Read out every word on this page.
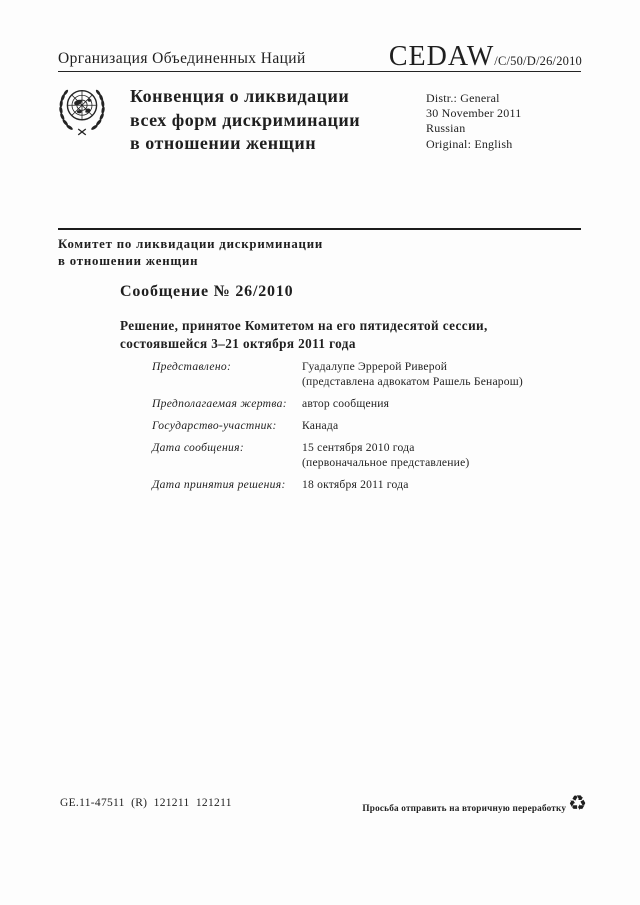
Организация Объединенных Наций	CEDAW/C/50/D/26/2010
Конвенция о ликвидации
всех форм дискриминации
в отношении женщин
Distr.: General
30 November 2011
Russian
Original: English
Комитет по ликвидации дискриминации
в отношении женщин
Сообщение № 26/2010
Решение, принятое Комитетом на его пятидесятой сессии,
состоявшейся 3–21 октября 2011 года
Представлено:	Гуадалупе Эррерой Риверой
(представлена адвокатом Рашель Бенарош)
Предполагаемая жертва:	автор сообщения
Государство-участник:	Канада
Дата сообщения:	15 сентября 2010 года
(первоначальное представление)
Дата принятия решения:	18 октября 2011 года
GE.11-47511  (R)  121211  121211	Просьба отправить на вторичную переработку ♻
